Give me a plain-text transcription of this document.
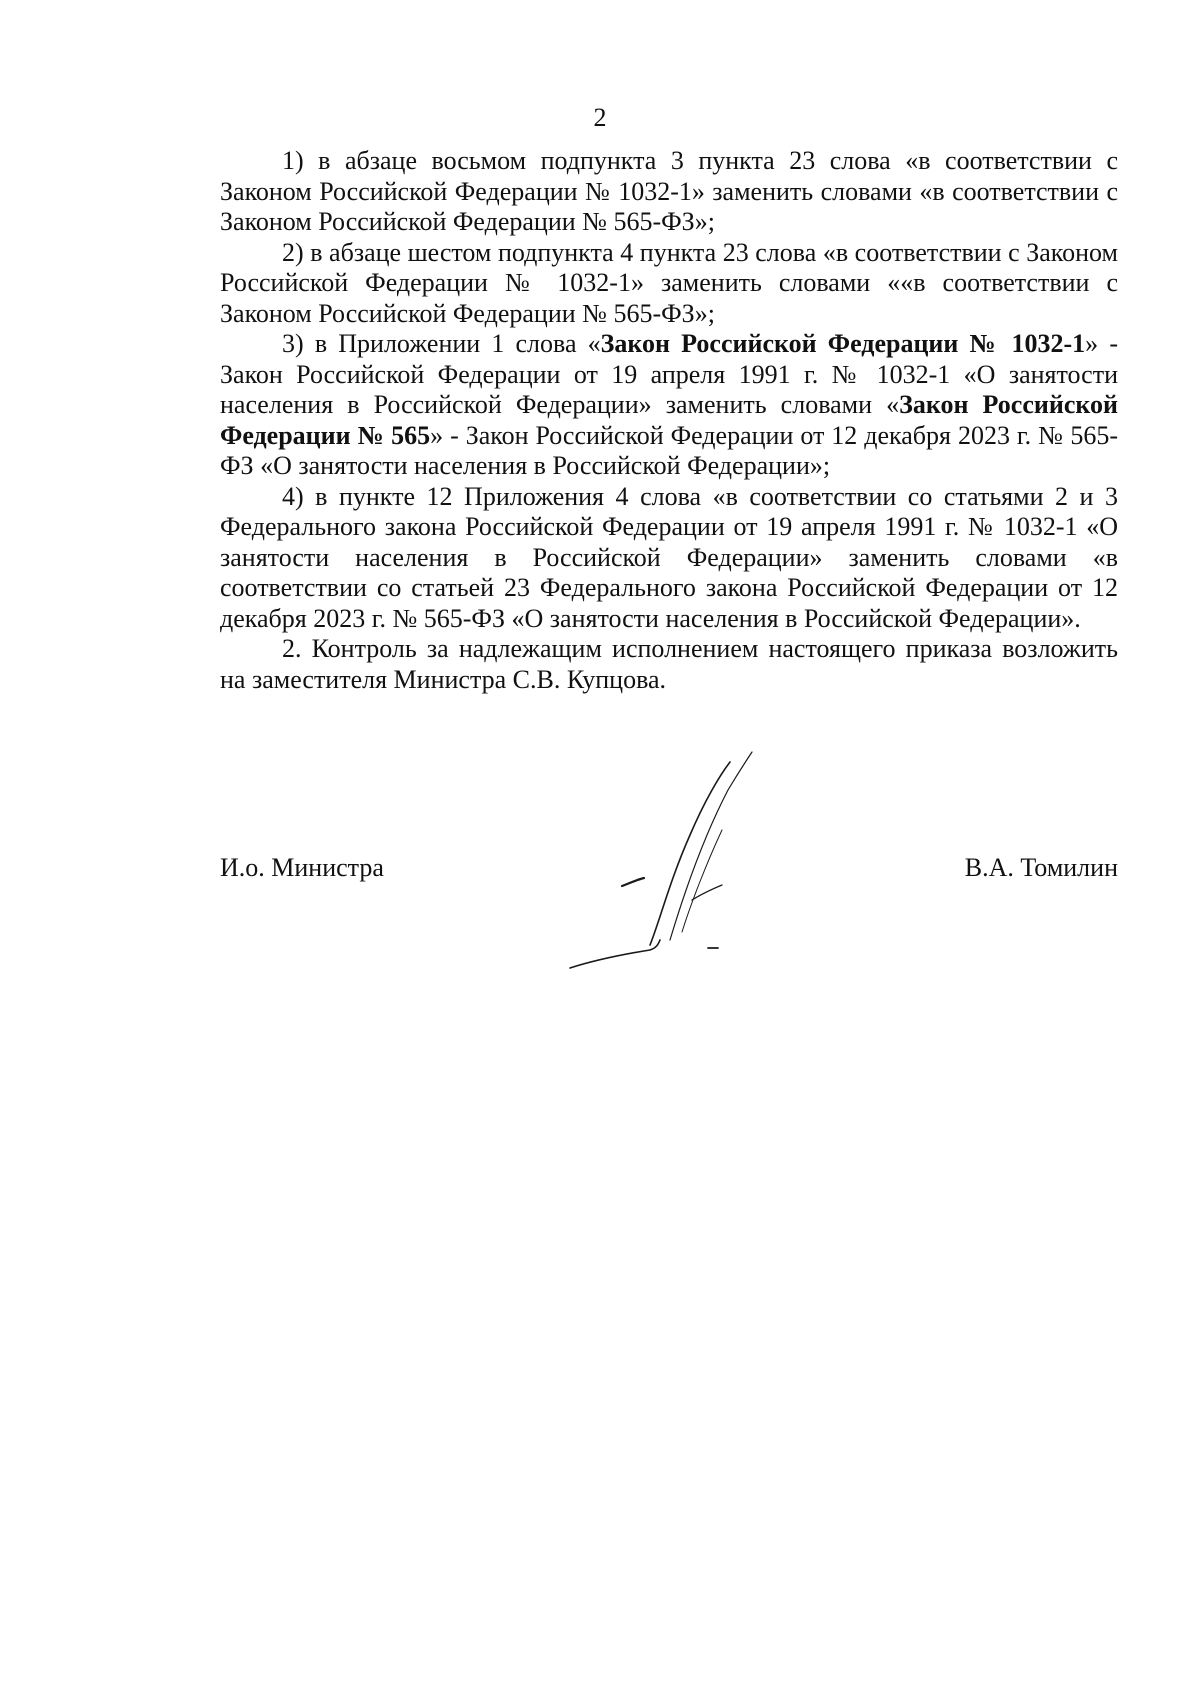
2

1) в абзаце восьмом подпункта 3 пункта 23 слова «в соответствии с Законом Российской Федерации № 1032-1» заменить словами «в соответствии с Законом Российской Федерации № 565-ФЗ»;

2) в абзаце шестом подпункта 4 пункта 23 слова «в соответствии с Законом Российской Федерации № 1032-1» заменить словами ««в соответствии с Законом Российской Федерации № 565-ФЗ»;

3) в Приложении 1 слова «Закон Российской Федерации № 1032-1» - Закон Российской Федерации от 19 апреля 1991 г. № 1032-1 «О занятости населения в Российской Федерации» заменить словами «Закон Российской Федерации № 565» - Закон Российской Федерации от 12 декабря 2023 г. № 565-ФЗ «О занятости населения в Российской Федерации»;

4) в пункте 12 Приложения 4 слова «в соответствии со статьями 2 и 3 Федерального закона Российской Федерации от 19 апреля 1991 г. № 1032-1 «О занятости населения в Российской Федерации» заменить словами «в соответствии со статьей 23 Федерального закона Российской Федерации от 12 декабря 2023 г. № 565-ФЗ «О занятости населения в Российской Федерации».

2. Контроль за надлежащим исполнением настоящего приказа возложить на заместителя Министра С.В. Купцова.

И.о. Министра	В.А. Томилин
